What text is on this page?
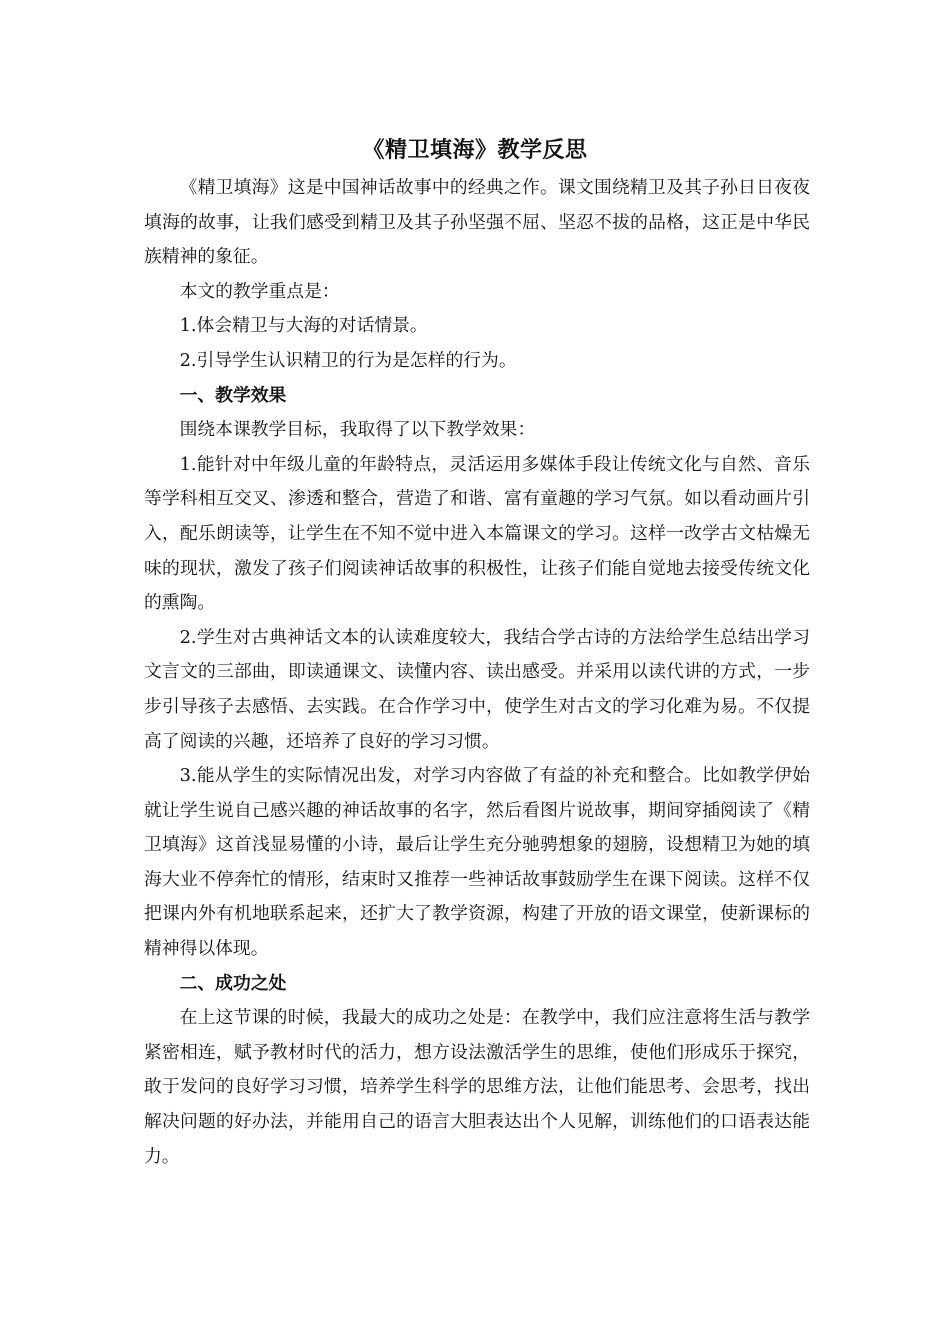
《精卫填海》教学反思

《精卫填海》这是中国神话故事中的经典之作。课文围绕精卫及其子孙日日夜夜填海的故事，让我们感受到精卫及其子孙坚强不屈、坚忍不拔的品格，这正是中华民族精神的象征。

本文的教学重点是：

1.体会精卫与大海的对话情景。

2.引导学生认识精卫的行为是怎样的行为。

一、教学效果

围绕本课教学目标，我取得了以下教学效果：

1.能针对中年级儿童的年龄特点，灵活运用多媒体手段让传统文化与自然、音乐等学科相互交叉、渗透和整合，营造了和谐、富有童趣的学习气氛。如以看动画片引入，配乐朗读等，让学生在不知不觉中进入本篇课文的学习。这样一改学古文枯燥无味的现状，激发了孩子们阅读神话故事的积极性，让孩子们能自觉地去接受传统文化的熏陶。

2.学生对古典神话文本的认读难度较大，我结合学古诗的方法给学生总结出学习文言文的三部曲，即读通课文、读懂内容、读出感受。并采用以读代讲的方式，一步步引导孩子去感悟、去实践。在合作学习中，使学生对古文的学习化难为易。不仅提高了阅读的兴趣，还培养了良好的学习习惯。

3.能从学生的实际情况出发，对学习内容做了有益的补充和整合。比如教学伊始就让学生说自己感兴趣的神话故事的名字，然后看图片说故事，期间穿插阅读了《精卫填海》这首浅显易懂的小诗，最后让学生充分驰骋想象的翅膀，设想精卫为她的填海大业不停奔忙的情形，结束时又推荐一些神话故事鼓励学生在课下阅读。这样不仅把课内外有机地联系起来，还扩大了教学资源，构建了开放的语文课堂，使新课标的精神得以体现。

二、成功之处

在上这节课的时候，我最大的成功之处是：在教学中，我们应注意将生活与教学紧密相连，赋予教材时代的活力，想方设法激活学生的思维，使他们形成乐于探究，敢于发问的良好学习习惯，培养学生科学的思维方法，让他们能思考、会思考，找出解决问题的好办法，并能用自己的语言大胆表达出个人见解，训练他们的口语表达能力。
